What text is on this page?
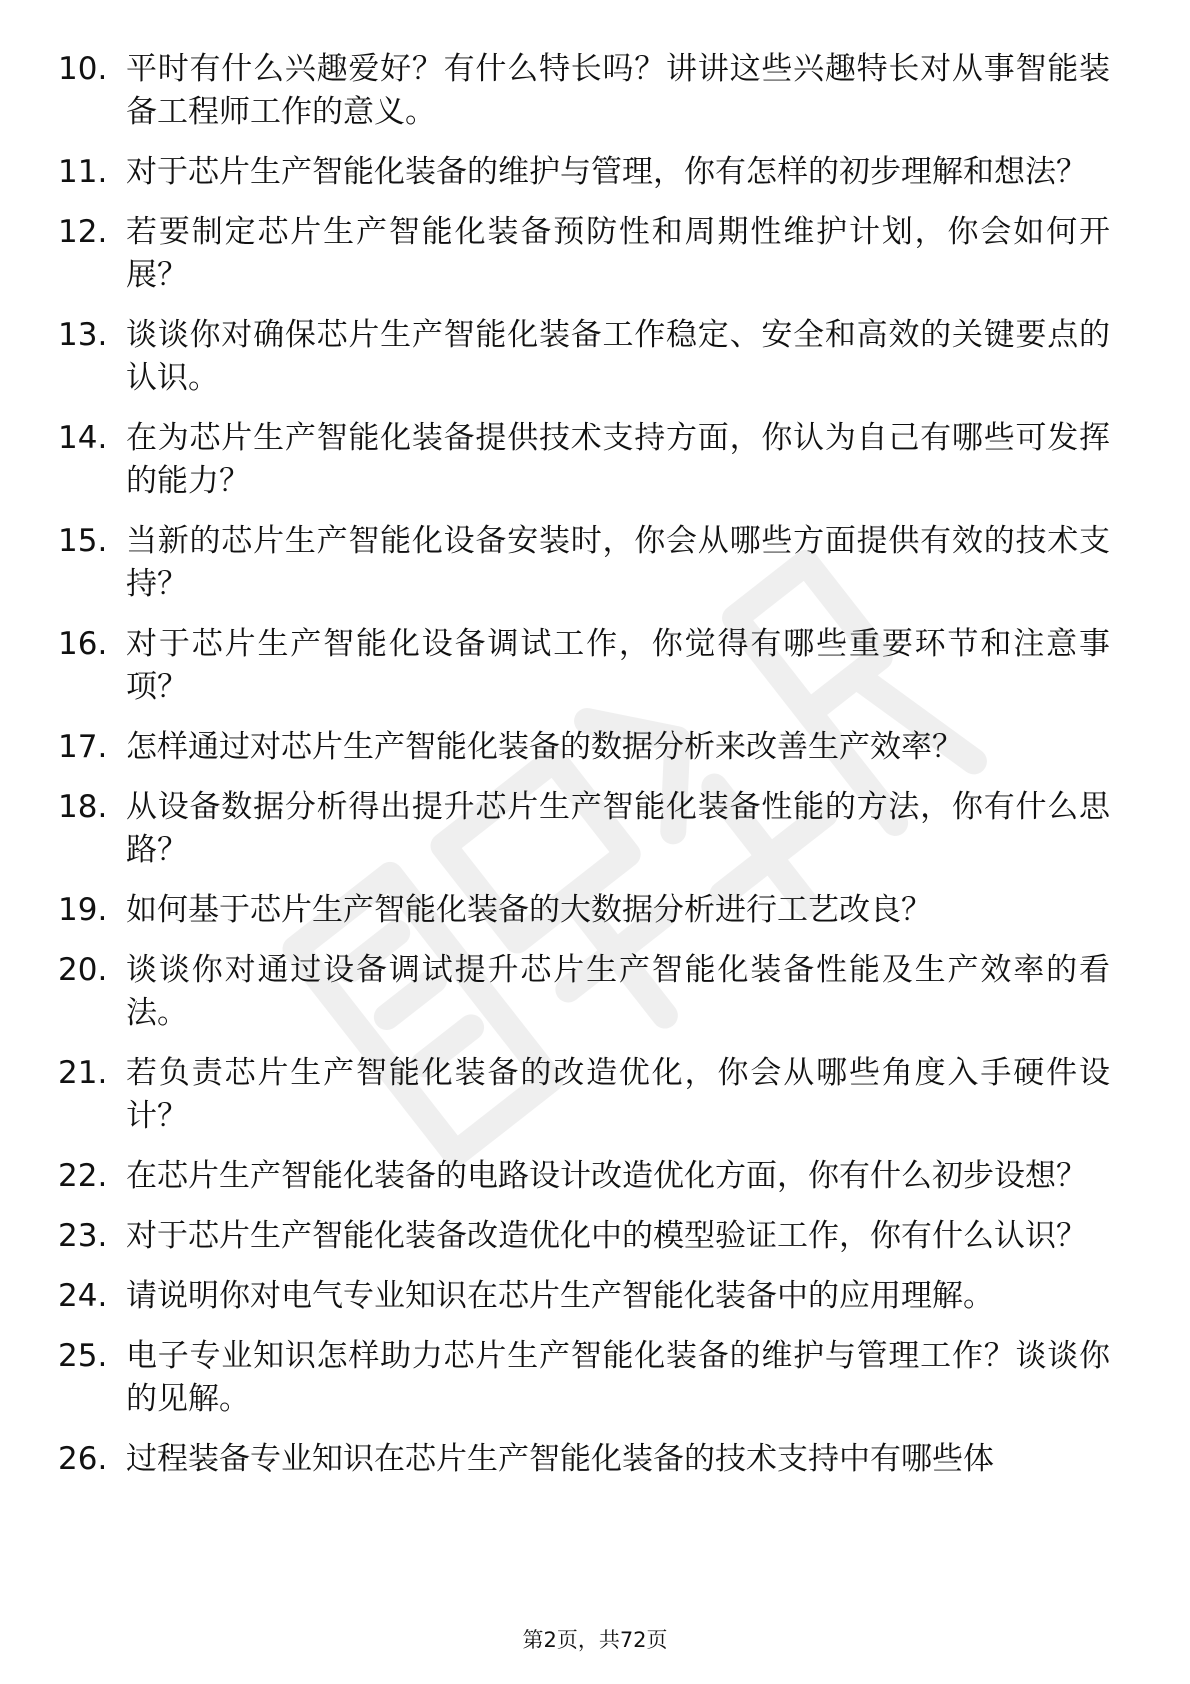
10. 平时有什么兴趣爱好？有什么特长吗？讲讲这些兴趣特长对从事智能装备工程师工作的意义。
11. 对于芯片生产智能化装备的维护与管理，你有怎样的初步理解和想法？
12. 若要制定芯片生产智能化装备预防性和周期性维护计划，你会如何开展？
13. 谈谈你对确保芯片生产智能化装备工作稳定、安全和高效的关键要点的认识。
14. 在为芯片生产智能化装备提供技术支持方面，你认为自己有哪些可发挥的能力？
15. 当新的芯片生产智能化设备安装时，你会从哪些方面提供有效的技术支持？
16. 对于芯片生产智能化设备调试工作，你觉得有哪些重要环节和注意事项？
17. 怎样通过对芯片生产智能化装备的数据分析来改善生产效率？
18. 从设备数据分析得出提升芯片生产智能化装备性能的方法，你有什么思路？
19. 如何基于芯片生产智能化装备的大数据分析进行工艺改良？
20. 谈谈你对通过设备调试提升芯片生产智能化装备性能及生产效率的看法。
21. 若负责芯片生产智能化装备的改造优化，你会从哪些角度入手硬件设计？
22. 在芯片生产智能化装备的电路设计改造优化方面，你有什么初步设想？
23. 对于芯片生产智能化装备改造优化中的模型验证工作，你有什么认识？
24. 请说明你对电气专业知识在芯片生产智能化装备中的应用理解。
25. 电子专业知识怎样助力芯片生产智能化装备的维护与管理工作？谈谈你的见解。
26. 过程装备专业知识在芯片生产智能化装备的技术支持中有哪些体
第2页，共72页
